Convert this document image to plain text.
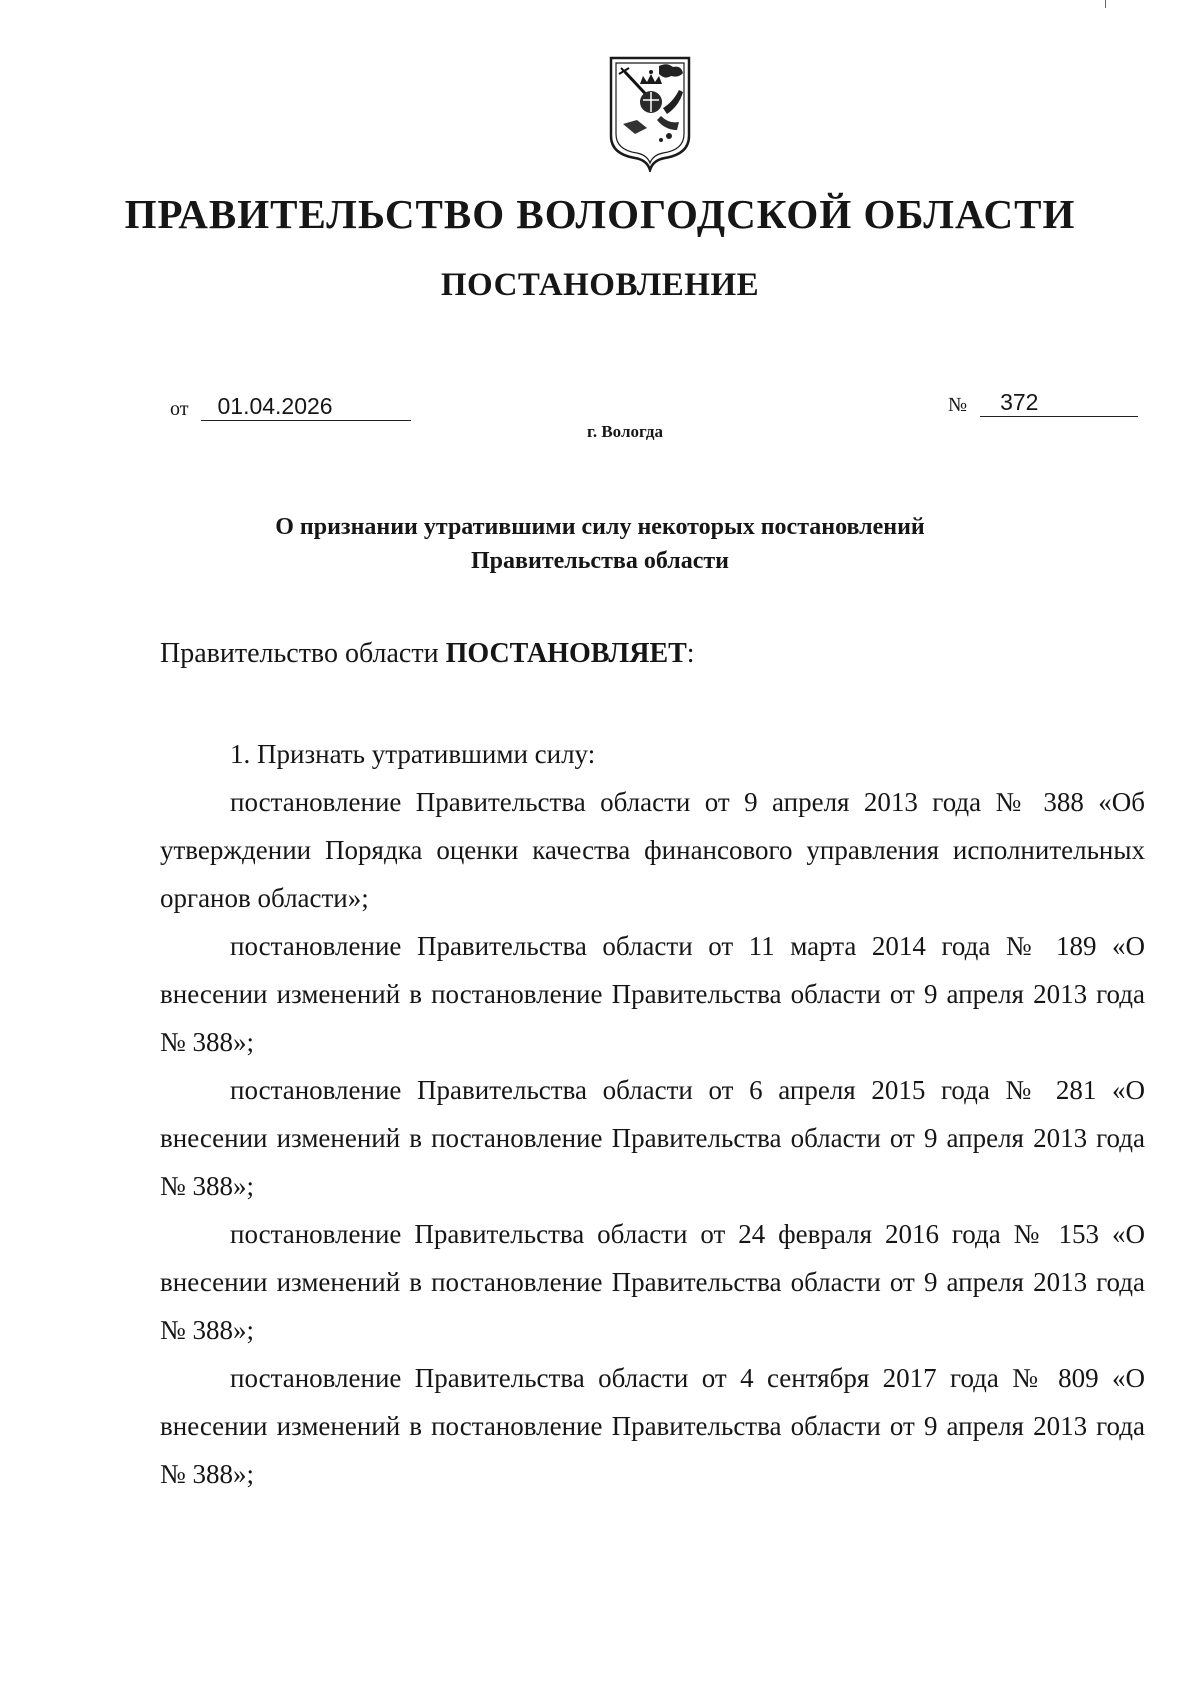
ПРАВИТЕЛЬСТВО ВОЛОГОДСКОЙ ОБЛАСТИ
ПОСТАНОВЛЕНИЕ
от 01.04.2026	№ 372
г. Вологда
О признании утратившими силу некоторых постановлений
Правительства области
Правительство области ПОСТАНОВЛЯЕТ:

1. Признать утратившими силу:

постановление Правительства области от 9 апреля 2013 года № 388 «Об утверждении Порядка оценки качества финансового управления исполнительных органов области»;

постановление Правительства области от 11 марта 2014 года № 189 «О внесении изменений в постановление Правительства области от 9 апреля 2013 года № 388»;

постановление Правительства области от 6 апреля 2015 года № 281 «О внесении изменений в постановление Правительства области от 9 апреля 2013 года № 388»;

постановление Правительства области от 24 февраля 2016 года № 153 «О внесении изменений в постановление Правительства области от 9 апреля 2013 года № 388»;

постановление Правительства области от 4 сентября 2017 года № 809 «О внесении изменений в постановление Правительства области от 9 апреля 2013 года № 388»;
